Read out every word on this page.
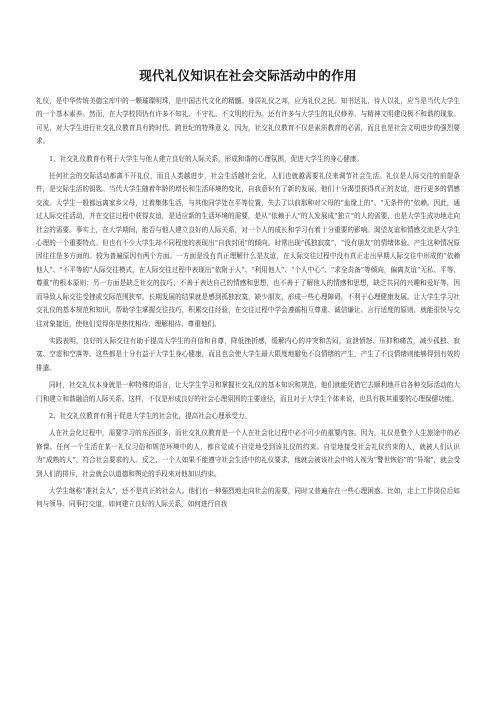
现代礼仪知识在社会交际活动中的作用

礼仪，是中华传统美德宝库中的一颗璀璨明珠，是中国古代文化的精髓。身居礼仪之邦，应为礼仪之民。知书达礼，待人以礼，应当是当代大学生的一个基本素养。然而，在大学校园仍有许多不知礼、不守礼、不文明的行为。还有许多与大学生的礼仪修养、与精神文明建设极不和谐的现象。可见，对大学生进行社交礼仪教育具有跨时代、跨世纪的特殊意义。因为，社交礼仪教育不仅是素质教育的必需，而且也是社会文明进步的强烈要求。

1、社交礼仪教育有利于大学生与他人建立良好的人际关系，形成和谐的心理氛围，促进大学生的身心健康。

任何社会的交际活动都离不开礼仪，而且人类越进步，社会生活越社会化，人们也就越需要礼仪来调节社会生活。礼仪是人际交往的前提条件，是交际生活的钥匙。当代大学生随着年龄的增长和生活环境的变化，自我意识有了新的发展，他们十分渴望获得真正的友谊，进行更多的情感交流。大学生一般都远离家乡父母，过着集体生活，与其他同学处在平等位置，失去了以前那种对父母的“血缘上的”、“无条件的”依赖。因此，通过人际交往活动，并在交往过程中获得友谊，是适应新的生活环境的需要，是从“依赖于人”的人发展成“独立”的人的需要，也是大学生成功地走向社会的需要。事实上，在大学期间，能否与他人建立良好的人际关系，对一个人的成长和学习有着十分重要的影响。渴望友谊和情感交流是大学生心理的一个重要特点。但也有不少大学生却不同程度的表现出“自我封闭”的倾向。时常出现“孤独寂寞”、“没有朋友”的情绪体验。产生这种情况原因往往是多方面的。较为普遍原因有两个方面。一方面是没有真正理解什么是友谊，在人际交往过程中没有真正走出早期人际交往中形成的“依赖他人”、“不平等的”人际交往模式，在人际交往过程中表现出“依附于人”、“利用他人”、“个人中心”、“求全责备”等倾向，偏离友谊“无私、平等、尊重”的根本原则；另一方面是缺乏社交的技巧，不善于表达自己的情感和思想，也不善于了解他人的情感和思想，缺乏共同的兴趣和爱好等，因而导致人际交往受挫或交际范围狭窄。长期发展的结果就是感到孤独寂寞，缺少朋友，形成一些心理障碍，不利于心理健康发展。让大学生学习社交礼仪的基本规范和知识，帮助学生掌握交往技巧，积累交往经验，在交往过程中学会遵循相互尊重、诚信谦让、言行适度的原则，就能很快与交往对象接近，使他们觉得你是热忱相待、理解相待、尊重他们。

实践表明，良好的人际交往有助于提高大学生的自信和自尊，降低挫折感，缓解内心的冲突和苦闷，宣泄愤怒、压抑和痛苦，减少孤独、寂寞、空虚和空落等。这些都是十分有益于大学生身心健康，而且也会使大学生最大限度地避免不良情绪的产生，产生了不良情绪则能够得到有效的排遣。

同时，社交礼仪本身就是一种特殊的语言，让大学生学习和掌握社交礼仪的基本知识和规范，他们就能凭借它去顺利地开启各种交际活动的大门和建立和谐融洽的人际关系。这样，不仅是形成良好的社会心理氛围的主要途径，而且对于大学生个体来说，也具有极其重要的心理保健功能。

2、社交礼仪教育有利于促进大学生的社会化，提高社会心理承受力。

人在社会化过程中，需要学习的东西很多，而社交礼仪教育是一个人在社会化过程中必不可少的重要内容。因为，礼仪是整个人生旅途中的必修课。任何一个生活在某一礼仪习俗和规范环境中的人，都自觉或不自觉地受到该礼仪的约束。自觉地接受社会礼仪约束的人，就被人们认识为“成熟的人”，符合社会要求的人。反之，一个人如果不能遵守社会生活中的礼仪要求，他就会被该社会中的人视为“警世恢俗”的“异端”，就会受到人们的排斥，社会就会以道德和舆论的手段来对他加以约束。

大学生继称“准社会人”，还不是真正的社会人。他们有一种强烈地走向社会的需要，同时又普遍存在一些心理困惑。比如，走上工作岗位后如何与领导、同事打交道，如何建立良好的人际关系，如何进行自我
